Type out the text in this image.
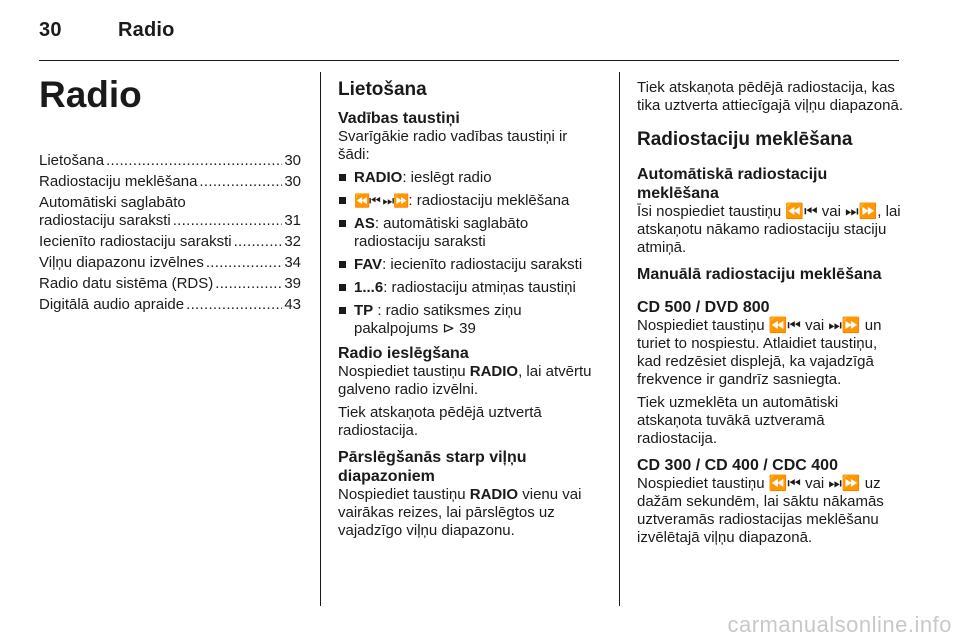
30	Radio
Radio
Lietošana .....	30
Radiostaciju meklēšana .....	30
Automātiski saglabāto
radiostaciju saraksti .....	31
Iecienīto radiostaciju saraksti .....	32
Viļņu diapazonu izvēlnes .....	34
Radio datu sistēma (RDS) .....	39
Digitālā audio apraide .....	43
Lietošana
Vadības taustiņi

Svarīgākie radio vadības taustiņi ir šādi:

RADIO: ieslēgt radio
⏪⏮ ⏭⏩: radiostaciju meklēšana
AS: automātiski saglabāto radiostaciju saraksti
FAV: iecienīto radiostaciju saraksti
1...6: radiostaciju atmiņas taustiņi
TP : radio satiksmes ziņu pakalpojums ⊳ 39
Radio ieslēgšana

Nospiediet taustiņu RADIO, lai atvērtu galveno radio izvēlni.

Tiek atskaņota pēdējā uztvertā radiostacija.

Pārslēgšanās starp viļņu diapazoniem

Nospiediet taustiņu RADIO vienu vai vairākas reizes, lai pārslēgtos uz vajadzīgo viļņu diapazonu.

Tiek atskaņota pēdējā radiostacija, kas tika uztverta attiecīgajā viļņu diapazonā.

Radiostaciju meklēšana
Automātiskā radiostaciju meklēšana

Īsi nospiediet taustiņu ⏪⏮ vai ⏭⏩, lai atskaņotu nākamo radiostaciju staciju atmiņā.

Manuālā radiostaciju meklēšana
CD 500 / DVD 800

Nospiediet taustiņu ⏪⏮ vai ⏭⏩ un turiet to nospiestu. Atlaidiet taustiņu, kad redzēsiet displejā, ka vajadzīgā frekvence ir gandrīz sasniegta.

Tiek uzmeklēta un automātiski atskaņota tuvākā uztveramā radiostacija.

CD 300 / CD 400 / CDC 400

Nospiediet taustiņu ⏪⏮ vai ⏭⏩ uz dažām sekundēm, lai sāktu nākamās uztveramās radiostacijas meklēšanu izvēlētajā viļņu diapazonā.

carmanualsonline.info
